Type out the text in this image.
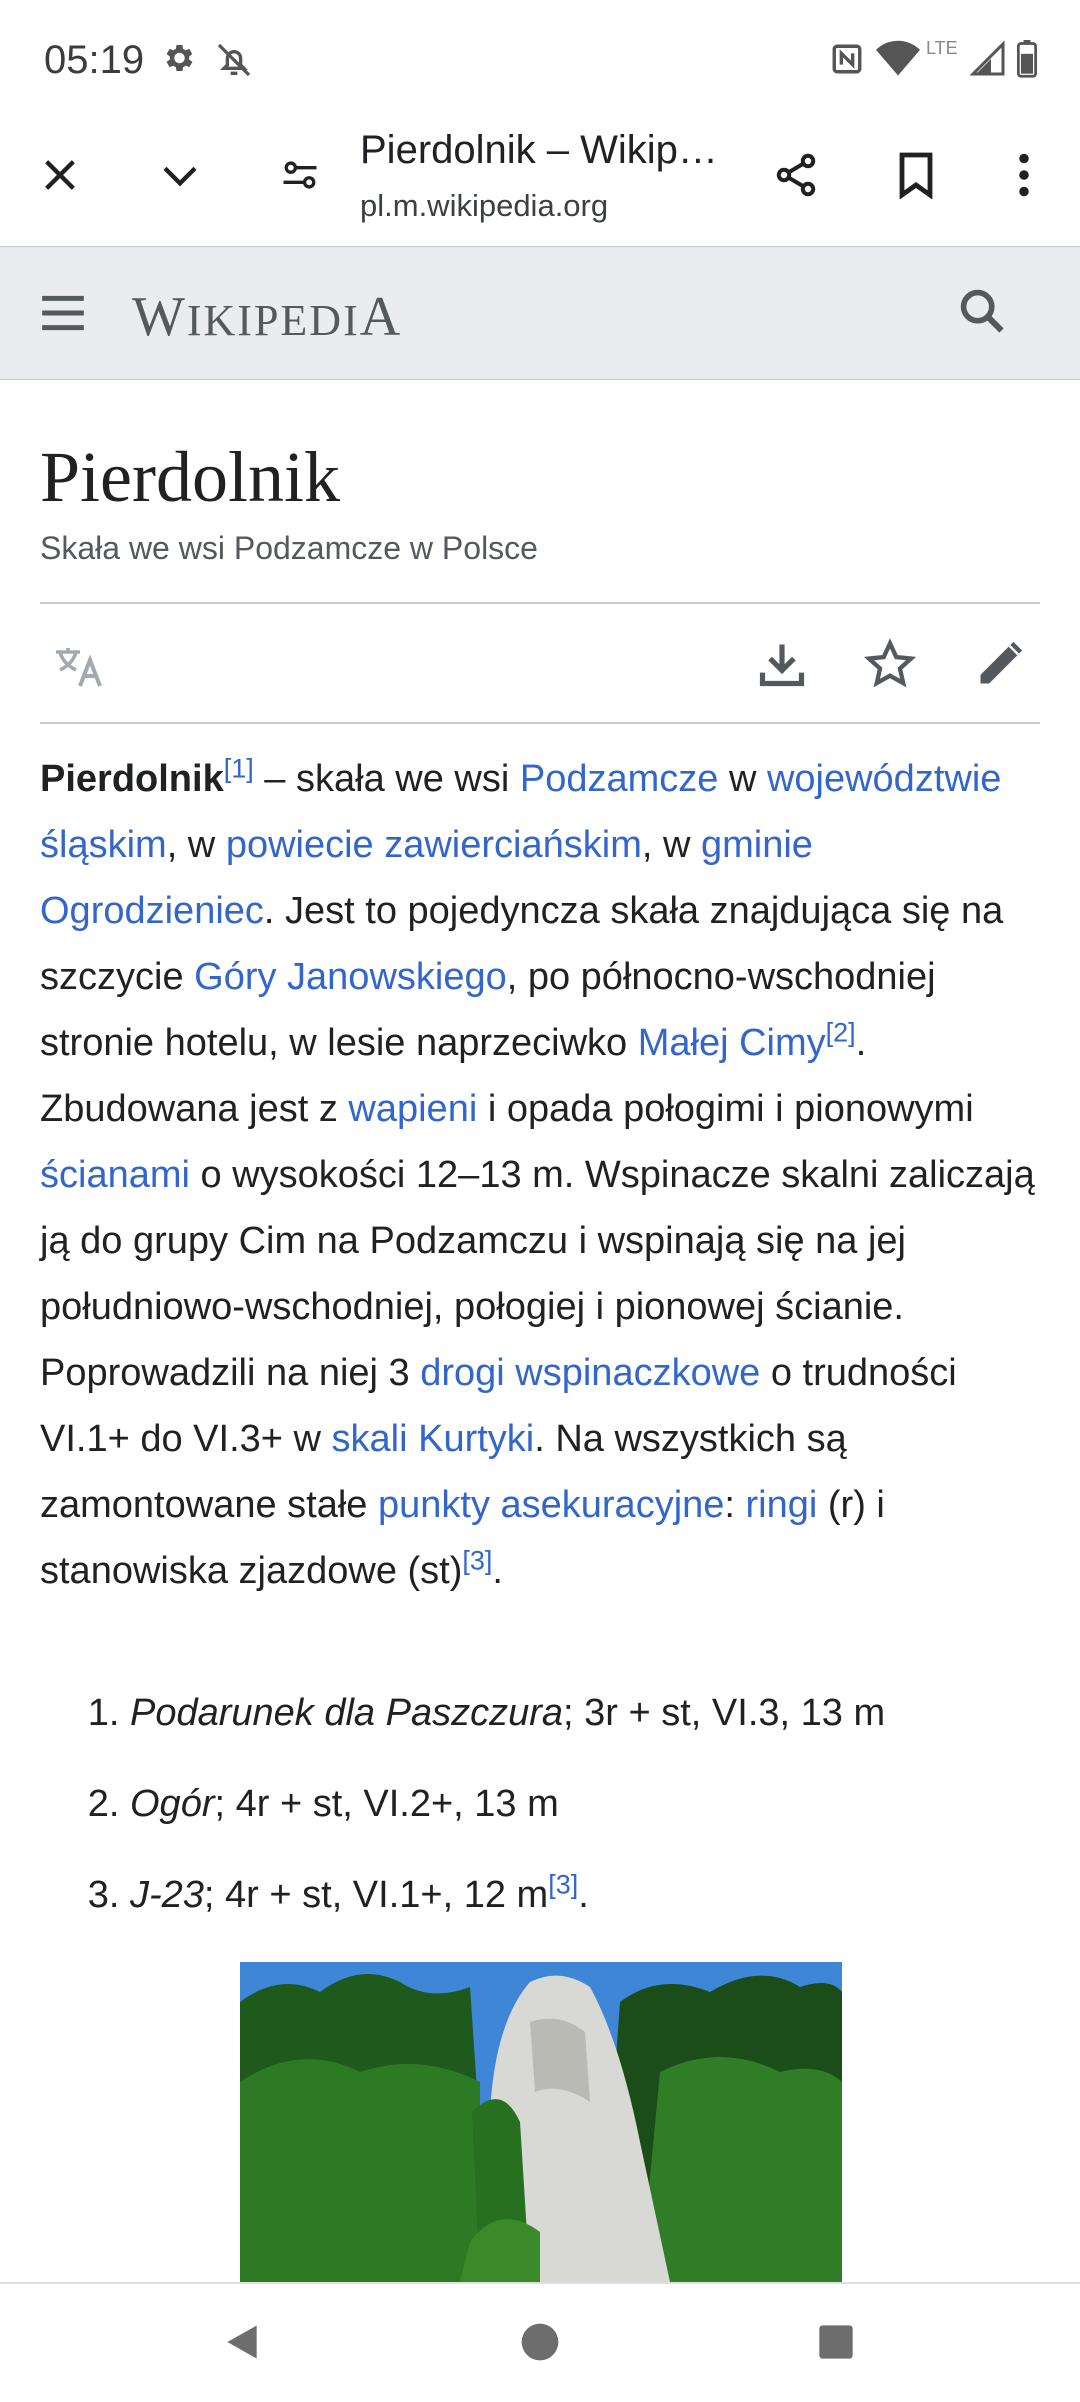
05:19	LTE
Pierdolnik – Wikip…
pl.m.wikipedia.org
WIKIPEDIA
Pierdolnik
Skała we wsi Podzamcze w Polsce
Pierdolnik[1] – skała we wsi Podzamcze w województwie śląskim, w powiecie zawierciańskim, w gminie Ogrodzieniec. Jest to pojedyncza skała znajdująca się na szczycie Góry Janowskiego, po północno-wschodniej stronie hotelu, w lesie naprzeciwko Małej Cimy[2]. Zbudowana jest z wapieni i opada połogimi i pionowymi ścianami o wysokości 12–13 m. Wspinacze skalni zaliczają ją do grupy Cim na Podzamczu i wspinają się na jej południowo-wschodniej, połogiej i pionowej ścianie. Poprowadzili na niej 3 drogi wspinaczkowe o trudności VI.1+ do VI.3+ w skali Kurtyki. Na wszystkich są zamontowane stałe punkty asekuracyjne: ringi (r) i stanowiska zjazdowe (st)[3].
1. Podarunek dla Paszczura; 3r + st, VI.3, 13 m
2. Ogór; 4r + st, VI.2+, 13 m
3. J-23; 4r + st, VI.1+, 12 m[3].
